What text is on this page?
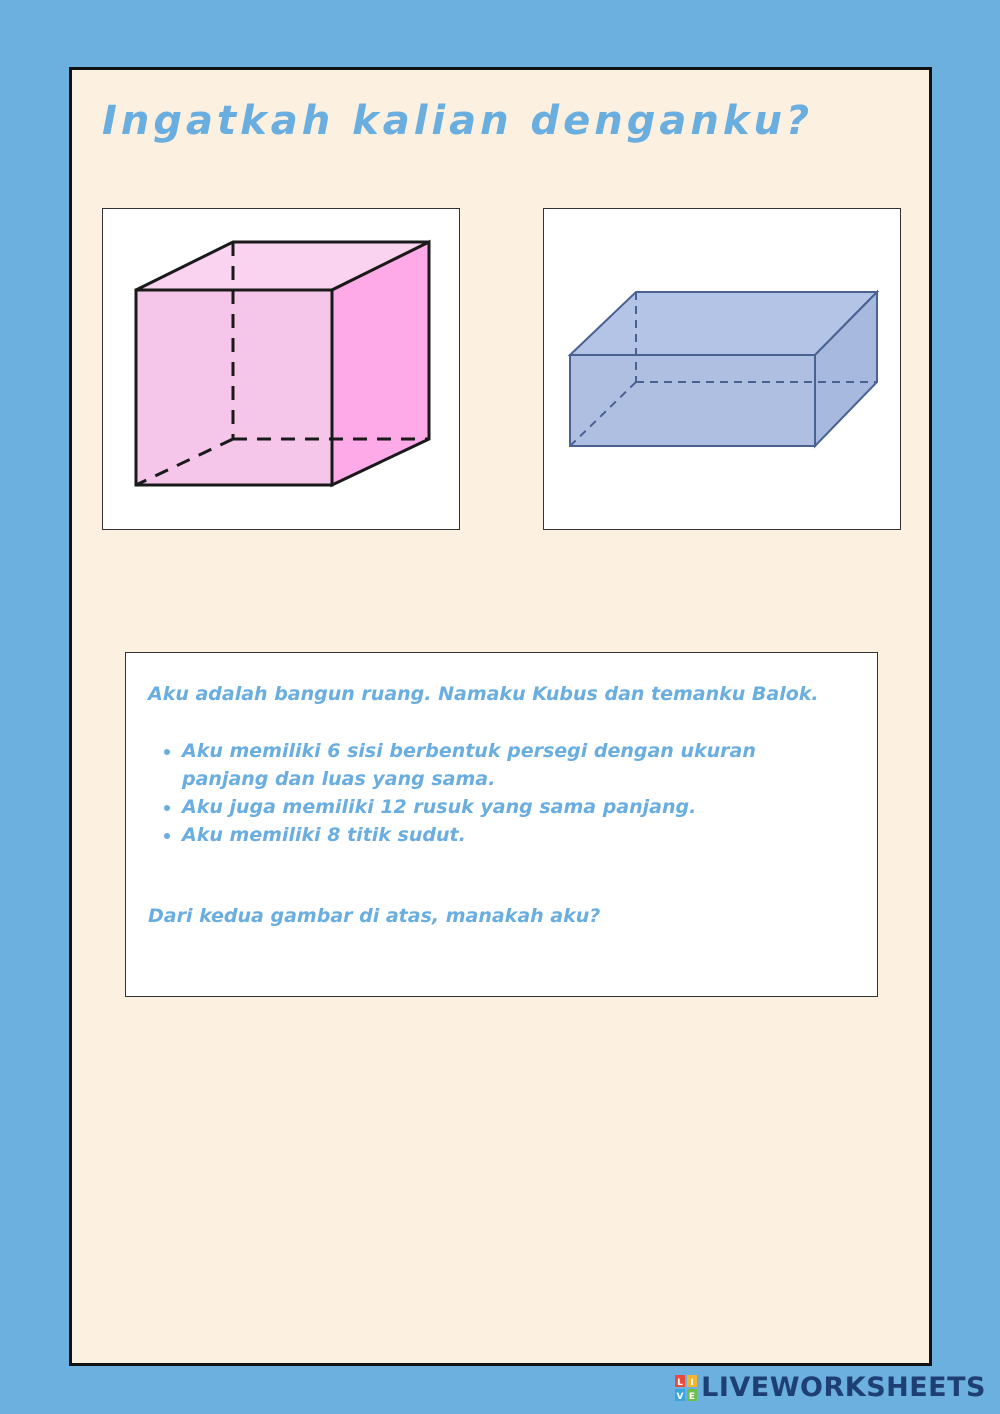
Ingatkah kalian denganku?

Aku adalah bangun ruang. Namaku Kubus dan temanku Balok.

• Aku memiliki 6 sisi berbentuk persegi dengan ukuran panjang dan luas yang sama.
• Aku juga memiliki 12 rusuk yang sama panjang.
• Aku memiliki 8 titik sudut.

Dari kedua gambar di atas, manakah aku?

L I
V E LIVEWORKSHEETS
